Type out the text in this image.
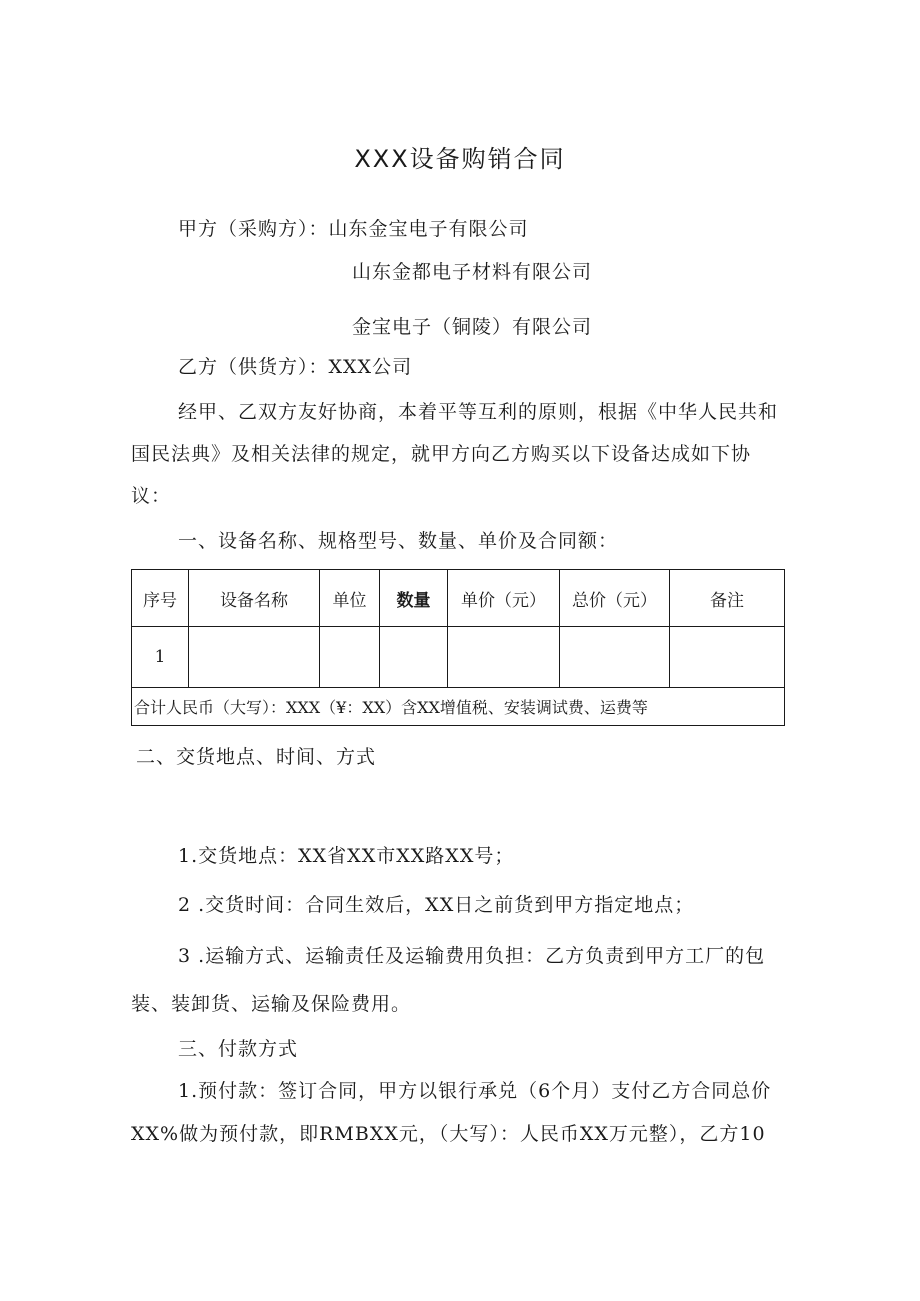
XXX设备购销合同
甲方（采购方）：山东金宝电子有限公司
山东金都电子材料有限公司
金宝电子（铜陵）有限公司
乙方（供货方）：XXX公司
经甲、乙双方友好协商，本着平等互利的原则，根据《中华人民共和
国民法典》及相关法律的规定，就甲方向乙方购买以下设备达成如下协
议：
一、设备名称、规格型号、数量、单价及合同额：
序号	设备名称	单位	数量	单价（元）	总价（元）	备注
1						
合计人民币（大写）：XXX（¥：XX）含XX增值税、安装调试费、运费等						
二、交货地点、时间、方式
1.交货地点：XX省XX市XX路XX号；
2 .交货时间：合同生效后，XX日之前货到甲方指定地点；
3 .运输方式、运输责任及运输费用负担：乙方负责到甲方工厂的包
装、装卸货、运输及保险费用。
三、付款方式
1.预付款：签订合同，甲方以银行承兑（6个月）支付乙方合同总价
XX%做为预付款，即RMBXX元，（大写）：人民币XX万元整），乙方10
